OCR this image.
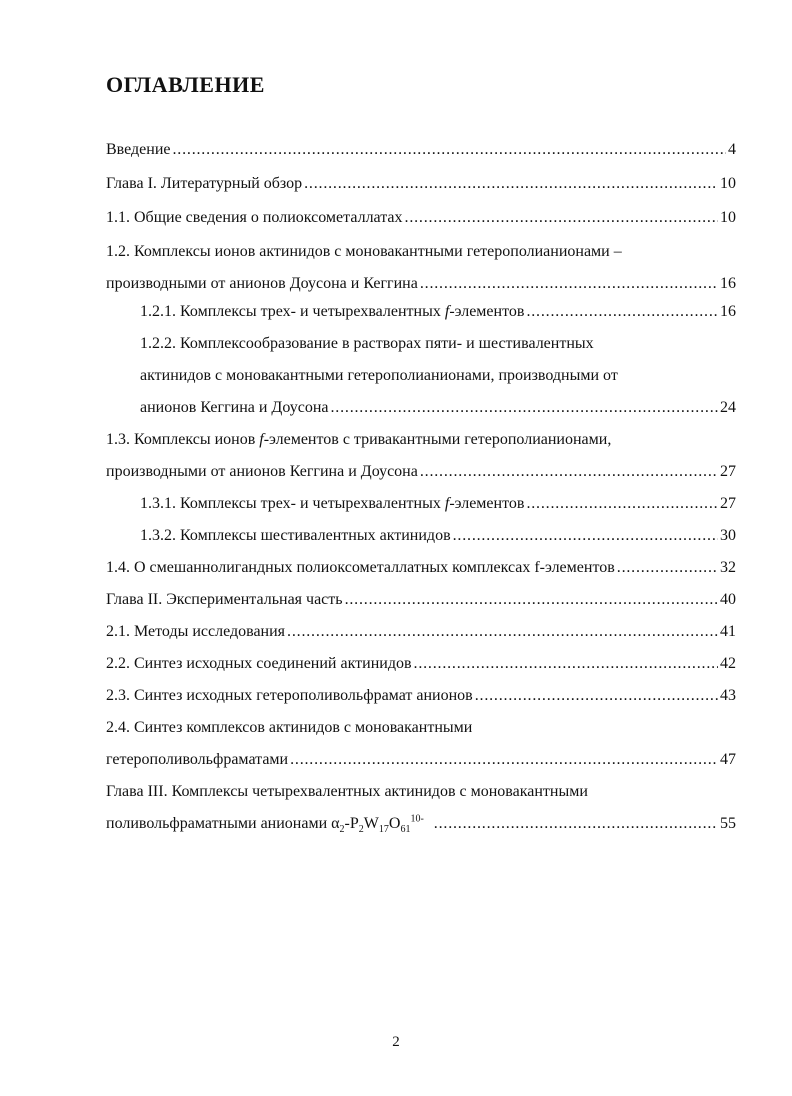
ОГЛАВЛЕНИЕ
Введение . . .	4
Глава I. Литературный обзор . . .	10
1.1. Общие сведения о полиоксометаллатах . . .	10
1.2. Комплексы ионов актинидов с моновакантными гетерополианионами –
производными от анионов Доусона и Кеггина . . .	16
1.2.1. Комплексы трех- и четырехвалентных f-элементов . . .	16
1.2.2. Комплексообразование в растворах пяти- и шестивалентных
актинидов с моновакантными гетерополианионами, производными от
анионов Кеггина и Доусона . . .	24
1.3. Комплексы ионов f-элементов с тривакантными гетерополианионами,
производными от анионов Кеггина и Доусона . . .	27
1.3.1. Комплексы трех- и четырехвалентных f-элементов . . .	27
1.3.2. Комплексы шестивалентных актинидов . . .	30
1.4. О смешаннолигандных полиоксометаллатных комплексах f-элементов . . .	32
Глава II. Экспериментальная часть . . .	40
2.1. Методы исследования . . .	41
2.2. Синтез исходных соединений актинидов . . .	42
2.3. Синтез исходных гетерополивольфрамат анионов . . .	43
2.4. Синтез комплексов актинидов с моновакантными
гетерополивольфраматами . . .	47
Глава III. Комплексы четырехвалентных актинидов с моновакантными
поливольфраматными анионами $\alpha_2-P_2W_{17}O_{61}^{10-}$ . . .	55
2
